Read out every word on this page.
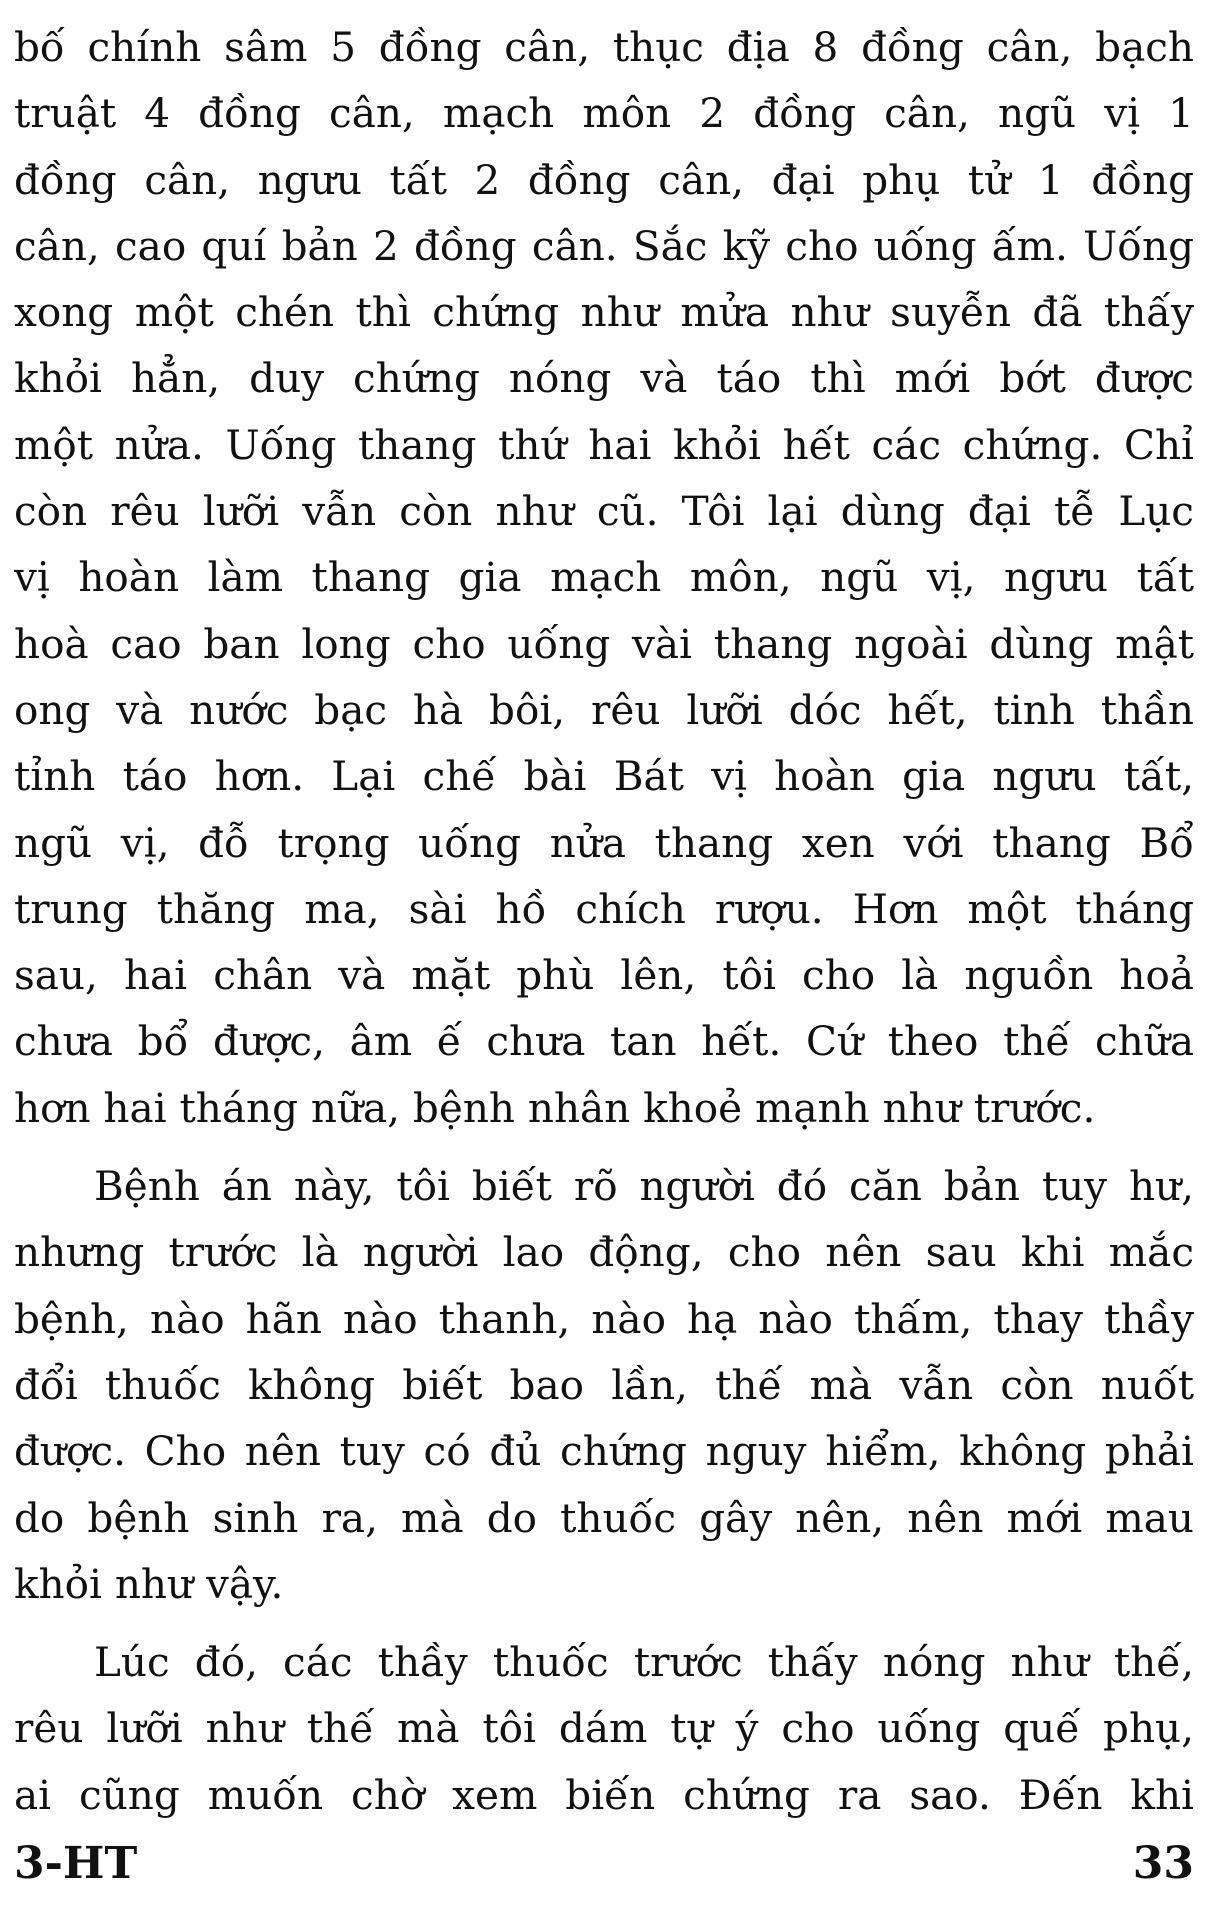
bố chính sâm 5 đồng cân, thục địa 8 đồng cân, bạch
truật 4 đồng cân, mạch môn 2 đồng cân, ngũ vị 1
đồng cân, ngưu tất 2 đồng cân, đại phụ tử 1 đồng
cân, cao quí bản 2 đồng cân. Sắc kỹ cho uống ấm. Uống
xong một chén thì chứng như mửa như suyễn đã thấy
khỏi hẳn, duy chứng nóng và táo thì mới bớt được
một nửa. Uống thang thứ hai khỏi hết các chứng. Chỉ
còn rêu lưỡi vẫn còn như cũ. Tôi lại dùng đại tễ Lục
vị hoàn làm thang gia mạch môn, ngũ vị, ngưu tất
hoà cao ban long cho uống vài thang ngoài dùng mật
ong và nước bạc hà bôi, rêu lưỡi dóc hết, tinh thần
tỉnh táo hơn. Lại chế bài Bát vị hoàn gia ngưu tất,
ngũ vị, đỗ trọng uống nửa thang xen với thang Bổ
trung thăng ma, sài hồ chích rượu. Hơn một tháng
sau, hai chân và mặt phù lên, tôi cho là nguồn hoả
chưa bổ được, âm ế chưa tan hết. Cứ theo thế chữa
hơn hai tháng nữa, bệnh nhân khoẻ mạnh như trước.
Bệnh án này, tôi biết rõ người đó căn bản tuy hư,
nhưng trước là người lao động, cho nên sau khi mắc
bệnh, nào hãn nào thanh, nào hạ nào thấm, thay thầy
đổi thuốc không biết bao lần, thế mà vẫn còn nuốt
được. Cho nên tuy có đủ chứng nguy hiểm, không phải
do bệnh sinh ra, mà do thuốc gây nên, nên mới mau
khỏi như vậy.
Lúc đó, các thầy thuốc trước thấy nóng như thế,
rêu lưỡi như thế mà tôi dám tự ý cho uống quế phụ,
ai cũng muốn chờ xem biến chứng ra sao. Đến khi
3-HT	33
